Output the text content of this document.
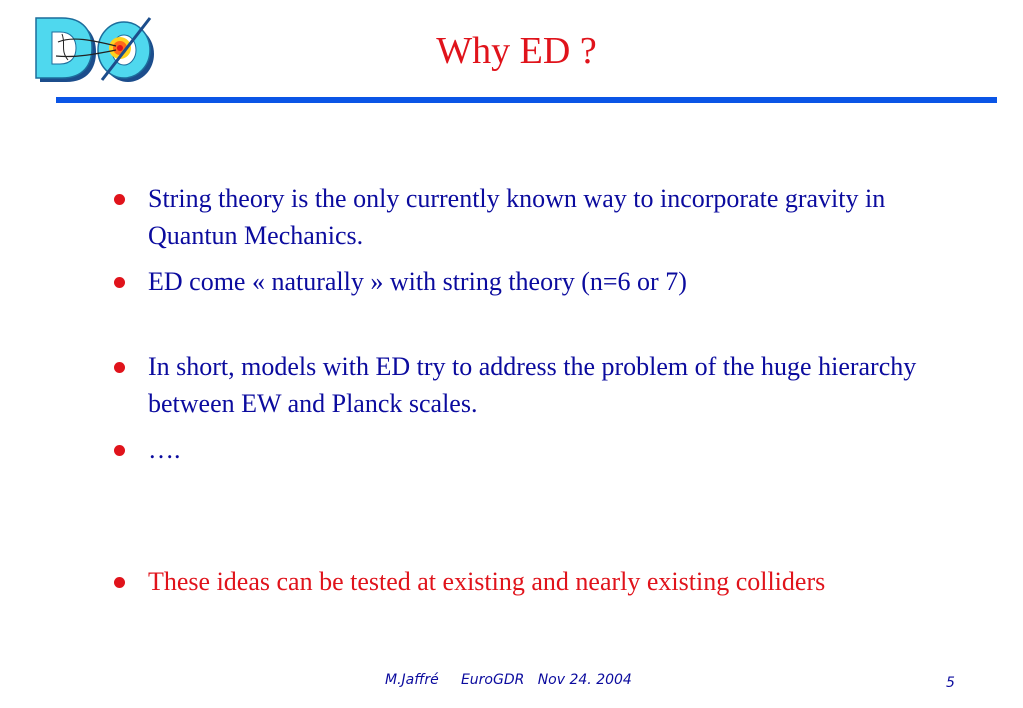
Why ED ?
String theory is the only currently known way to incorporate gravity in Quantun Mechanics.
ED come « naturally » with string theory (n=6 or 7)
In short, models with ED try to address the problem of the huge hierarchy between EW and Planck scales.
….
These ideas can be tested at existing and nearly existing colliders
M.Jaffré     EuroGDR   Nov 24. 2004	5
